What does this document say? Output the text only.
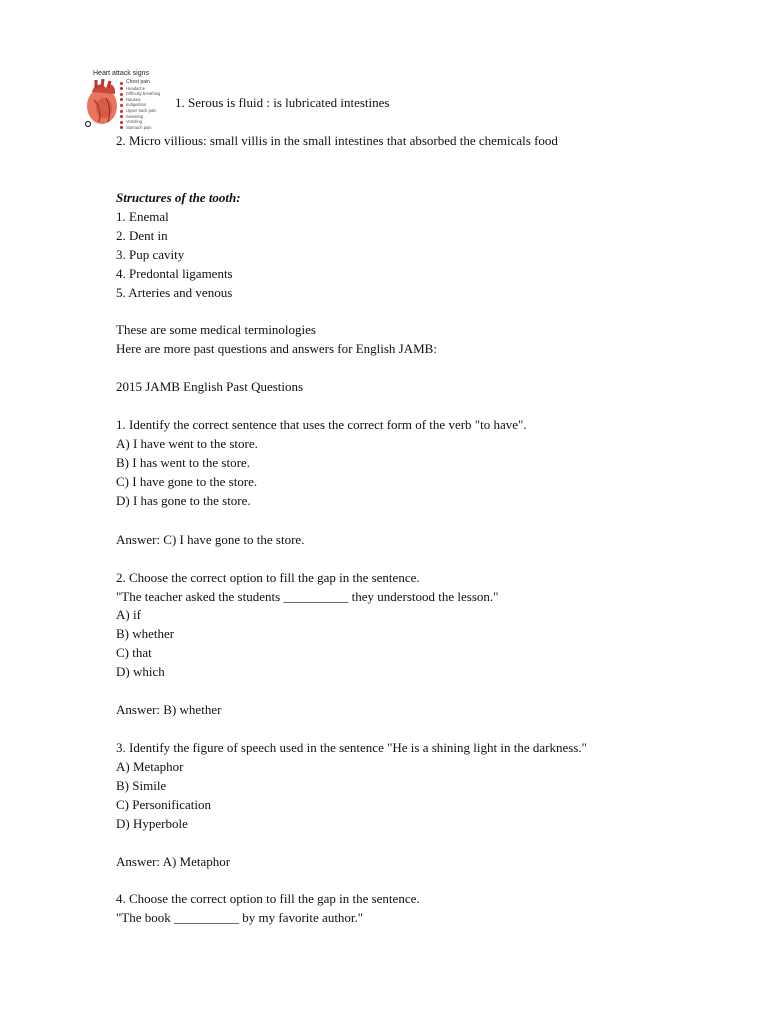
Heart attack signs
Chest pain
Headache
Difficulty breathing
Nausea
Indigestion
Upper back pain
Sweating
Vomiting
Stomach pain
1. Serous is fluid : is lubricated intestines
2. Micro villious: small villis in the small intestines that absorbed the chemicals food
Structures of the tooth:
1. Enemal
2. Dent in
3. Pup cavity
4. Predontal ligaments
5. Arteries and venous
These are some medical terminologies
Here are more past questions and answers for English JAMB:
2015 JAMB English Past Questions
1. Identify the correct sentence that uses the correct form of the verb "to have".
A) I have went to the store.
B) I has went to the store.
C) I have gone to the store.
D) I has gone to the store.
Answer: C) I have gone to the store.
2. Choose the correct option to fill the gap in the sentence.
"The teacher asked the students __________ they understood the lesson."
A) if
B) whether
C) that
D) which
Answer: B) whether
3. Identify the figure of speech used in the sentence "He is a shining light in the darkness."
A) Metaphor
B) Simile
C) Personification
D) Hyperbole
Answer: A) Metaphor
4. Choose the correct option to fill the gap in the sentence.
"The book __________ by my favorite author."
